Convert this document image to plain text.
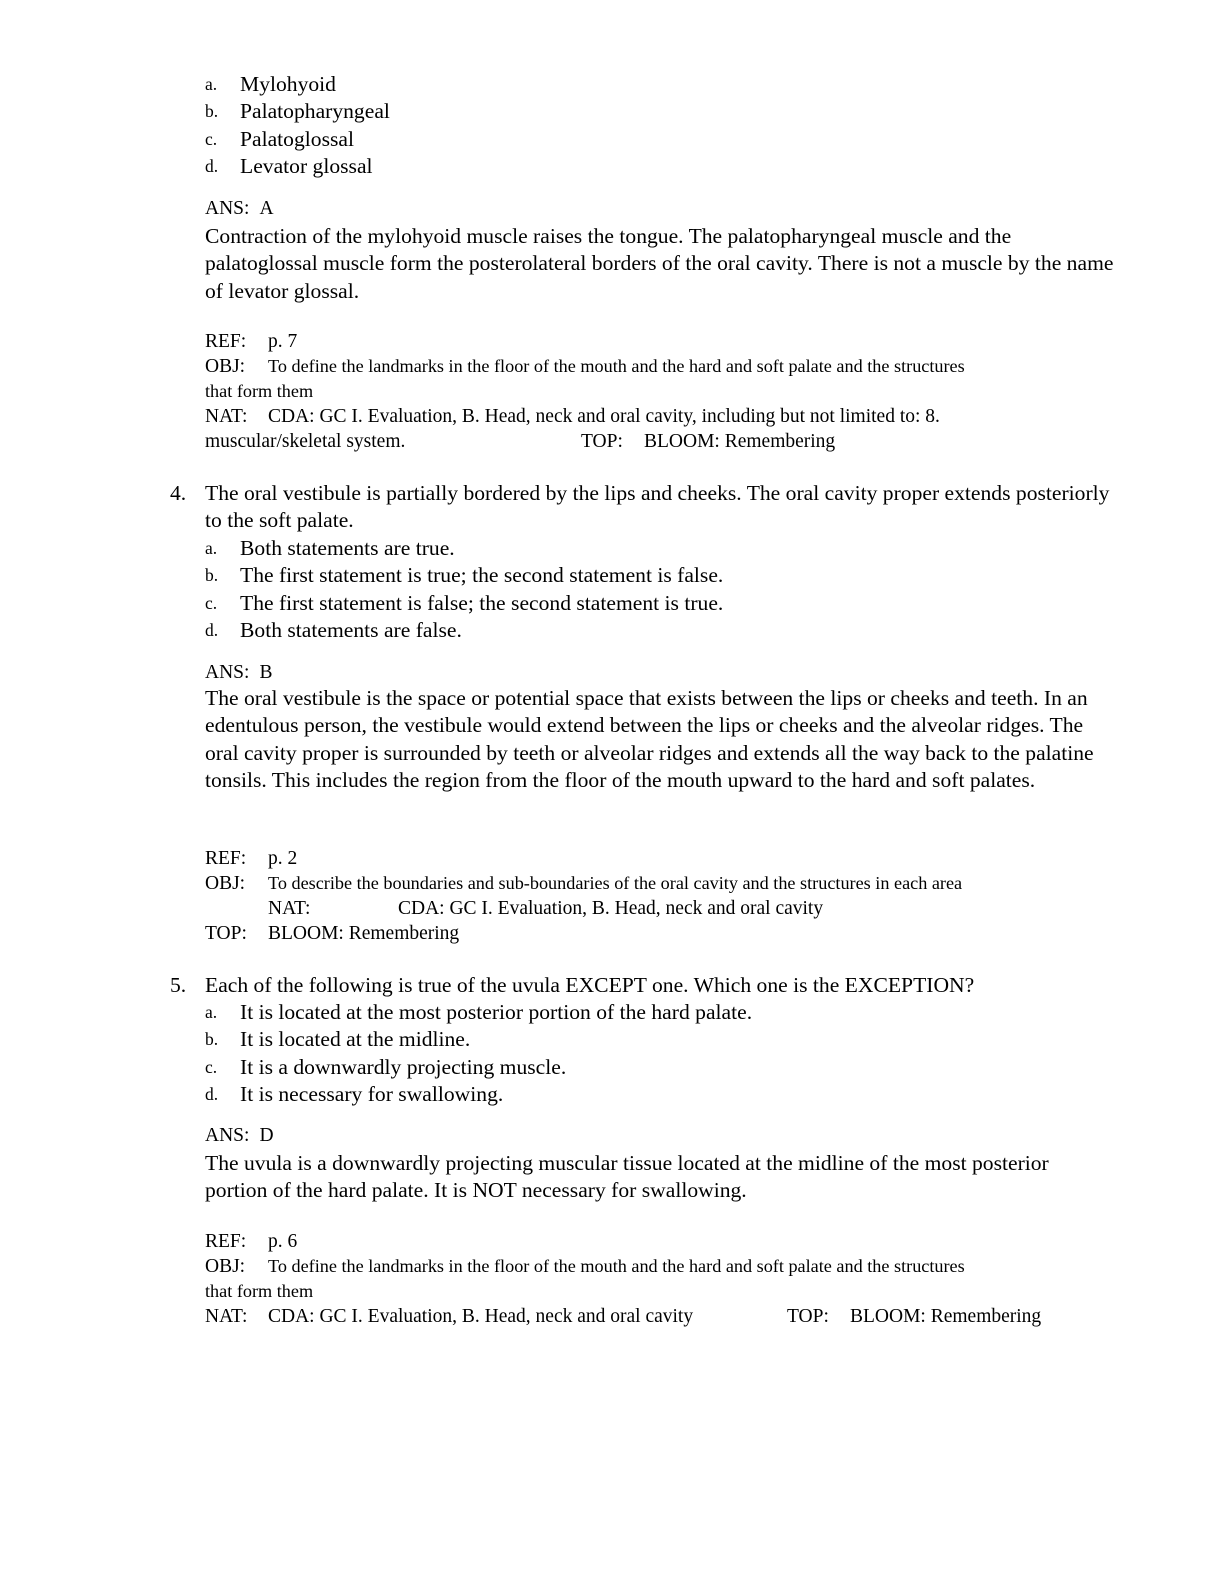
a. Mylohyoid
b. Palatopharyngeal
c. Palatoglossal
d. Levator glossal
ANS: A
Contraction of the mylohyoid muscle raises the tongue. The palatopharyngeal muscle and the palatoglossal muscle form the posterolateral borders of the oral cavity. There is not a muscle by the name of levator glossal.
REF: p. 7
OBJ: To define the landmarks in the floor of the mouth and the hard and soft palate and the structures
that form them
NAT: CDA: GC I. Evaluation, B. Head, neck and oral cavity, including but not limited to: 8.
muscular/skeletal system.	TOP: BLOOM: Remembering
4. The oral vestibule is partially bordered by the lips and cheeks. The oral cavity proper extends posteriorly to the soft palate.
a. Both statements are true.
b. The first statement is true; the second statement is false.
c. The first statement is false; the second statement is true.
d. Both statements are false.
ANS: B
The oral vestibule is the space or potential space that exists between the lips or cheeks and teeth. In an edentulous person, the vestibule would extend between the lips or cheeks and the alveolar ridges. The oral cavity proper is surrounded by teeth or alveolar ridges and extends all the way back to the palatine tonsils. This includes the region from the floor of the mouth upward to the hard and soft palates.
REF: p. 2
OBJ: To describe the boundaries and sub-boundaries of the oral cavity and the structures in each area
NAT:	CDA: GC I. Evaluation, B. Head, neck and oral cavity
TOP: BLOOM: Remembering
5. Each of the following is true of the uvula EXCEPT one. Which one is the EXCEPTION?
a. It is located at the most posterior portion of the hard palate.
b. It is located at the midline.
c. It is a downwardly projecting muscle.
d. It is necessary for swallowing.
ANS: D
The uvula is a downwardly projecting muscular tissue located at the midline of the most posterior portion of the hard palate. It is NOT necessary for swallowing.
REF: p. 6
OBJ: To define the landmarks in the floor of the mouth and the hard and soft palate and the structures
that form them
NAT: CDA: GC I. Evaluation, B. Head, neck and oral cavity	TOP: BLOOM: Remembering
